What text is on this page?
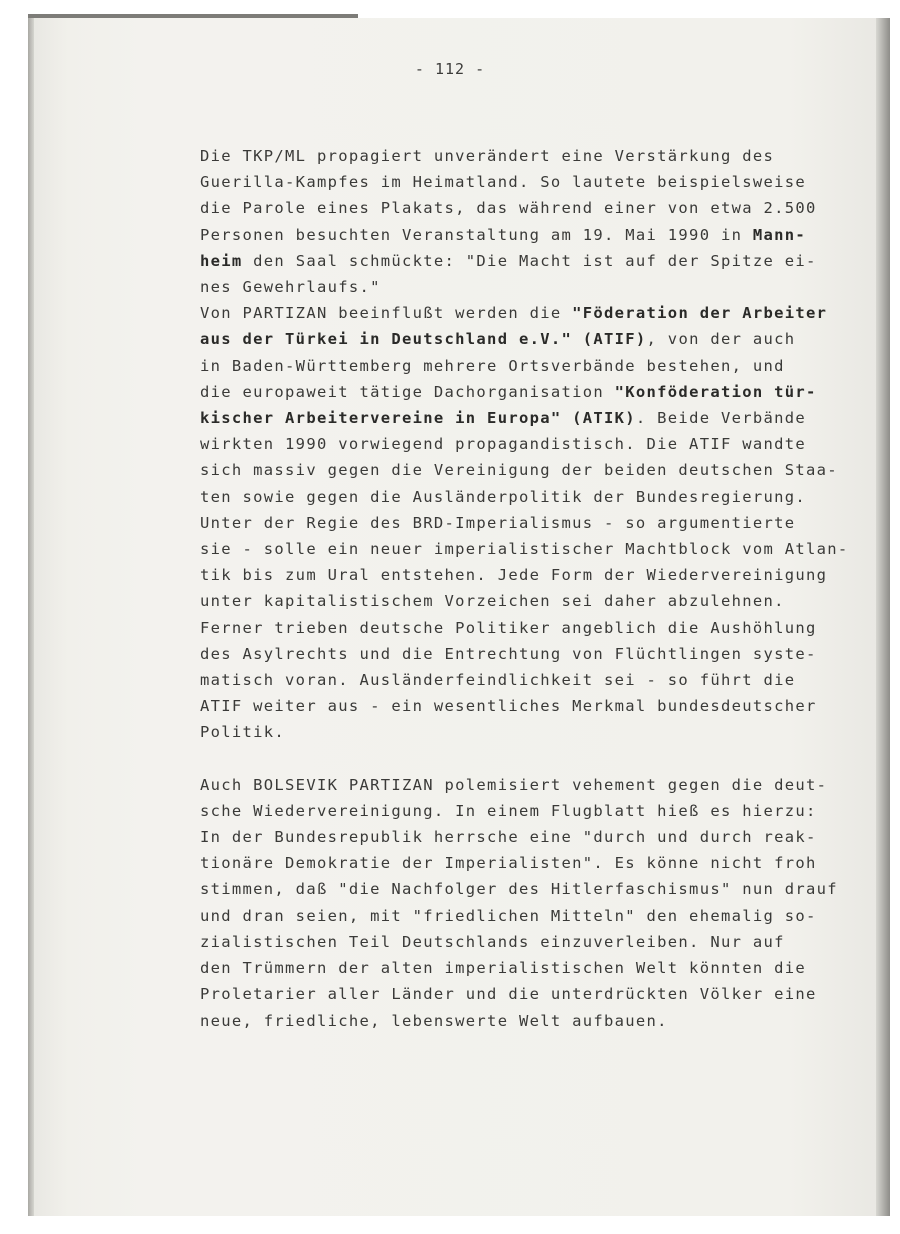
- 112 -
Die TKP/ML propagiert unverändert eine Verstärkung des
Guerilla-Kampfes im Heimatland. So lautete beispielsweise
die Parole eines Plakats, das während einer von etwa 2.500
Personen besuchten Veranstaltung am 19. Mai 1990 in Mann-
heim den Saal schmückte: "Die Macht ist auf der Spitze ei-
nes Gewehrlaufs."
Von PARTIZAN beeinflußt werden die "Föderation der Arbeiter
aus der Türkei in Deutschland e.V." (ATIF), von der auch
in Baden-Württemberg mehrere Ortsverbände bestehen, und
die europaweit tätige Dachorganisation "Konföderation tür-
kischer Arbeitervereine in Europa" (ATIK). Beide Verbände
wirkten 1990 vorwiegend propagandistisch. Die ATIF wandte
sich massiv gegen die Vereinigung der beiden deutschen Staa-
ten sowie gegen die Ausländerpolitik der Bundesregierung.
Unter der Regie des BRD-Imperialismus - so argumentierte
sie - solle ein neuer imperialistischer Machtblock vom Atlan-
tik bis zum Ural entstehen. Jede Form der Wiedervereinigung
unter kapitalistischem Vorzeichen sei daher abzulehnen.
Ferner trieben deutsche Politiker angeblich die Aushöhlung
des Asylrechts und die Entrechtung von Flüchtlingen syste-
matisch voran. Ausländerfeindlichkeit sei - so führt die
ATIF weiter aus - ein wesentliches Merkmal bundesdeutscher
Politik.
Auch BOLSEVIK PARTIZAN polemisiert vehement gegen die deut-
sche Wiedervereinigung. In einem Flugblatt hieß es hierzu:
In der Bundesrepublik herrsche eine "durch und durch reak-
tionäre Demokratie der Imperialisten". Es könne nicht froh
stimmen, daß "die Nachfolger des Hitlerfaschismus" nun drauf
und dran seien, mit "friedlichen Mitteln" den ehemalig so-
zialistischen Teil Deutschlands einzuverleiben. Nur auf
den Trümmern der alten imperialistischen Welt könnten die
Proletarier aller Länder und die unterdrückten Völker eine
neue, friedliche, lebenswerte Welt aufbauen.
